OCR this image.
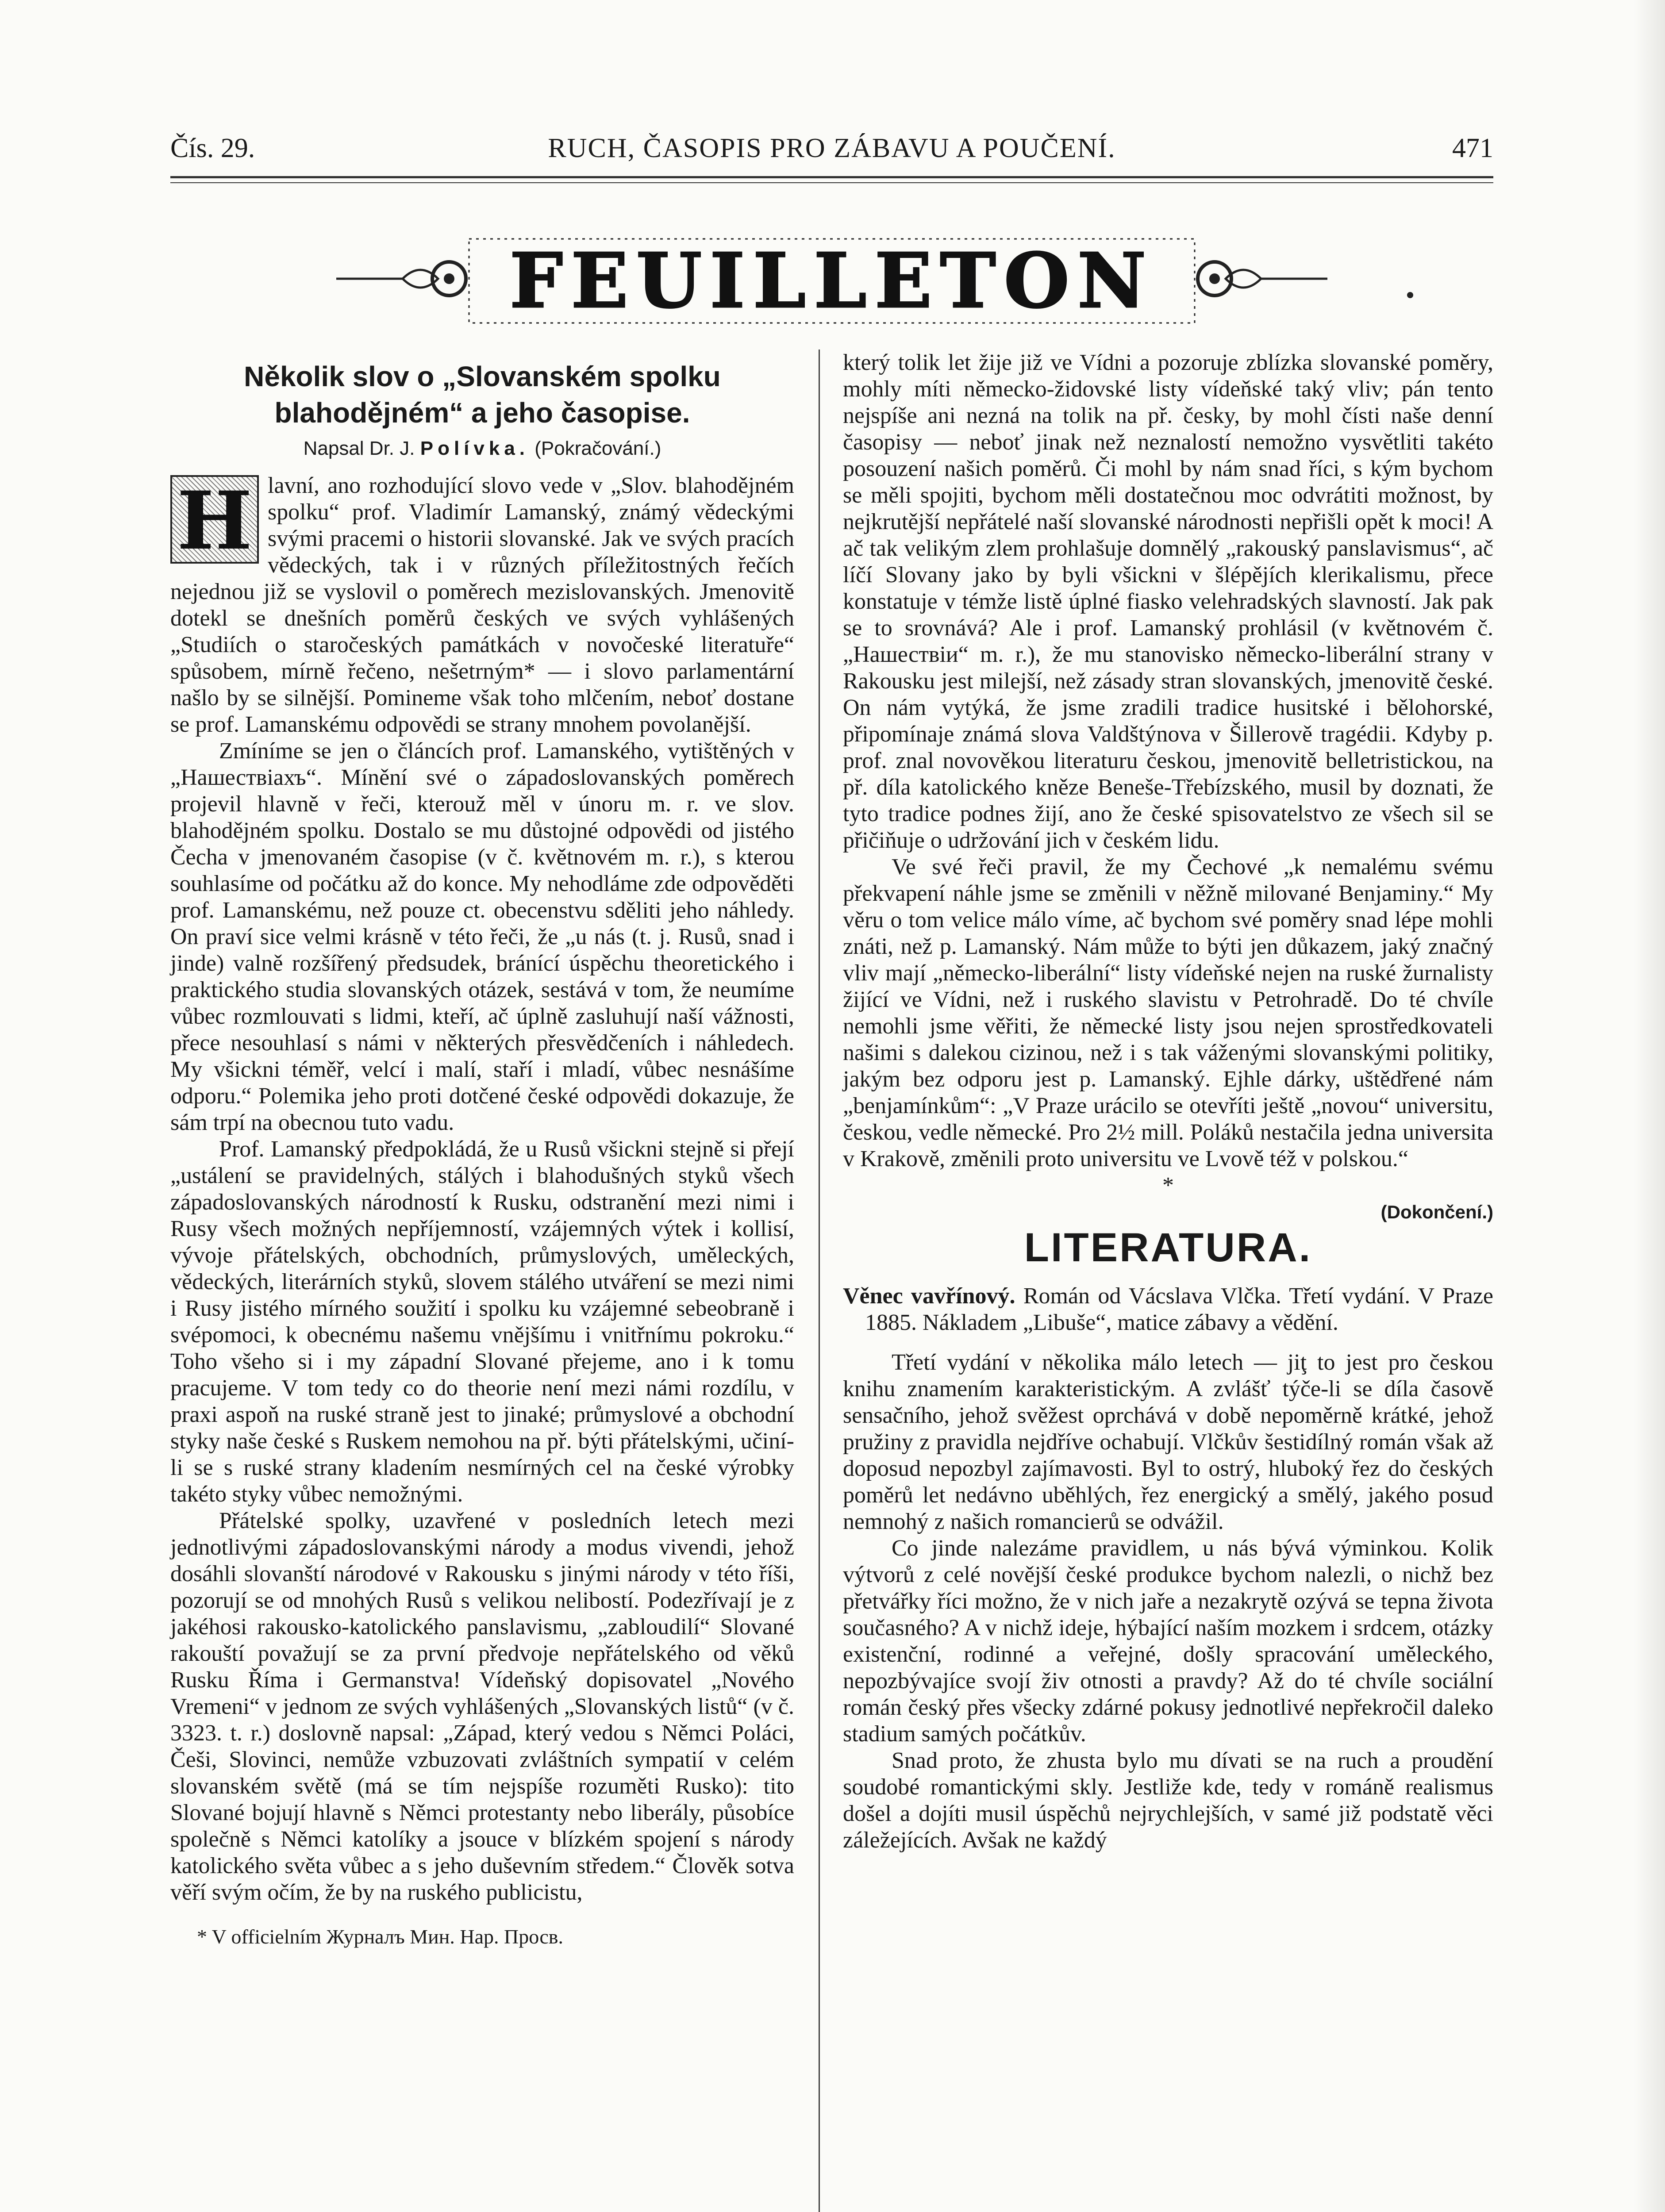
Čís. 29.	RUCH, ČASOPIS PRO ZÁBAVU A POUČENÍ.	471
FEUILLETON
Několik slov o „Slovanském spolku blahodějném“ a jeho časopise.
Napsal Dr. J. Polívka. (Pokračování.)

H lavní, ano rozhodující slovo vede v „Slov. blahodějném spolku“ prof. Vladimír Lamanský, známý vědeckými svými pracemi o historii slovanské. Jak ve svých pracích vědeckých, tak i v různých příležitostných řečích nejednou již se vyslovil o poměrech mezislovanských. Jmenovitě dotekl se dnešních poměrů českých ve svých vyhlášených „Studiích o staročeských památkách v novočeské literatuře“ spůsobem, mírně řečeno, nešetrným* — i slovo parlamentární našlo by se silnější. Pomineme však toho mlčením, neboť dostane se prof. Lamanskému odpovědi se strany mnohem povolanější.

Zmíníme se jen o článcích prof. Lamanského, vytištěných v „Нашествіахъ“. Mínění své o západoslovanských poměrech projevil hlavně v řeči, kterouž měl v únoru m. r. ve slov. blahodějném spolku. Dostalo se mu důstojné odpovědi od jistého Čecha v jmenovaném časopise (v č. květnovém m. r.), s kterou souhlasíme od počátku až do konce. My nehodláme zde odpověděti prof. Lamanskému, než pouze ct. obecenstvu sděliti jeho náhledy. On praví sice velmi krásně v této řeči, že „u nás (t. j. Rusů, snad i jinde) valně rozšířený předsudek, bránící úspěchu theoretického i praktického studia slovanských otázek, sestává v tom, že neumíme vůbec rozmlouvati s lidmi, kteří, ač úplně zasluhují naší vážnosti, přece nesouhlasí s námi v některých přesvědčeních i náhledech. My všickni téměř, velcí i malí, staří i mladí, vůbec nesnášíme odporu.“ Polemika jeho proti dotčené české odpovědi dokazuje, že sám trpí na obecnou tuto vadu.

Prof. Lamanský předpokládá, že u Rusů všickni stejně si přejí „ustálení se pravidelných, stálých i blahodušných styků všech západoslovanských národností k Rusku, odstranění mezi nimi i Rusy všech možných nepříjemností, vzájemných výtek i kollisí, vývoje přátelských, obchodních, průmyslových, uměleckých, vědeckých, literárních styků, slovem stálého utváření se mezi nimi i Rusy jistého mírného soužití i spolku ku vzájemné sebeobraně i svépomoci, k obecnému našemu vnějšímu i vnitřnímu pokroku.“ Toho všeho si i my západní Slované přejeme, ano i k tomu pracujeme. V tom tedy co do theorie není mezi námi rozdílu, v praxi aspoň na ruské straně jest to jinaké; průmyslové a obchodní styky naše české s Ruskem nemohou na př. býti přátelskými, učiní-li se s ruské strany kladením nesmírných cel na české výrobky takéto styky vůbec nemožnými.

Přátelské spolky, uzavřené v posledních letech mezi jednotlivými západoslovanskými národy a modus vivendi, jehož dosáhli slovanští národové v Rakousku s jinými národy v této říši, pozorují se od mnohých Rusů s velikou nelibostí. Podezřívají je z jakéhosi rakousko-katolického panslavismu, „zabloudilí“ Slované rakouští považují se za první předvoje nepřátelského od věků Rusku Říma i Germanstva! Vídeňský dopisovatel „Nového Vremeni“ v jednom ze svých vyhlášených „Slovanských listů“ (v č. 3323. t. r.) doslovně napsal: „Západ, který vedou s Němci Poláci, Češi, Slovinci, nemůže vzbuzovati zvláštních sympatií v celém slovanském světě (má se tím nejspíše rozuměti Rusko): tito Slované bojují hlavně s Němci protestanty nebo liberály, působíce společně s Němci katolíky a jsouce v blízkém spojení s národy katolického světa vůbec a s jeho duševním středem.“ Člověk sotva věří svým očím, že by na ruského publicistu,

* V officielním Журналъ Мин. Нар. Просв.

který tolik let žije již ve Vídni a pozoruje zblízka slovanské poměry, mohly míti německo-židovské listy vídeňské taký vliv; pán tento nejspíše ani nezná na tolik na př. česky, by mohl čísti naše denní časopisy — neboť jinak než neznalostí nemožno vysvětliti takéto posouzení našich poměrů. Či mohl by nám snad říci, s kým bychom se měli spojiti, bychom měli dostatečnou moc odvrátiti možnost, by nejkrutější nepřátelé naší slovanské národnosti nepřišli opět k moci! A ač tak velikým zlem prohlašuje domnělý „rakouský panslavismus“, ač líčí Slovany jako by byli všickni v šlépějích klerikalismu, přece konstatuje v témže listě úplné fiasko velehradských slavností. Jak pak se to srovnává? Ale i prof. Lamanský prohlásil (v květnovém č. „Нашествіи“ m. r.), že mu stanovisko německo-liberální strany v Rakousku jest milejší, než zásady stran slovanských, jmenovitě české. On nám vytýká, že jsme zradili tradice husitské i bělohorské, připomínaje známá slova Valdštýnova v Šillerově tragédii. Kdyby p. prof. znal novověkou literaturu českou, jmenovitě belletristickou, na př. díla katolického kněze Beneše-Třebízského, musil by doznati, že tyto tradice podnes žijí, ano že české spisovatelstvo ze všech sil se přičiňuje o udržování jich v českém lidu.

Ve své řeči pravil, že my Čechové „k nemalému svému překvapení náhle jsme se změnili v něžně milované Benjaminy.“ My věru o tom velice málo víme, ač bychom své poměry snad lépe mohli znáti, než p. Lamanský. Nám může to býti jen důkazem, jaký značný vliv mají „německo-liberální“ listy vídeňské nejen na ruské žurnalisty žijící ve Vídni, než i ruského slavistu v Petrohradě. Do té chvíle nemohli jsme věřiti, že německé listy jsou nejen sprostředkovateli našimi s dalekou cizinou, než i s tak váženými slovanskými politiky, jakým bez odporu jest p. Lamanský. Ejhle dárky, uštědřené nám „benjamínkům“: „V Praze urácilo se otevříti ještě „novou“ universitu, českou, vedle německé. Pro 2½ mill. Poláků nestačila jedna universita v Krakově, změnili proto universitu ve Lvově též v polskou.“

*
(Dokončení.)
LITERATURA.

Věnec vavřínový. Román od Vácslava Vlčka. Třetí vydání. V Praze 1885. Nákladem „Libuše“, matice zábavy a vědění.

Třetí vydání v několika málo letech — jiţ to jest pro českou knihu znamením karakteristickým. A zvlášť týče-li se díla časově sensačního, jehož svěžest oprchává v době nepoměrně krátké, jehož pružiny z pravidla nejdříve ochabují. Vlčkův šestidílný román však až doposud nepozbyl zajímavosti. Byl to ostrý, hluboký řez do českých poměrů let nedávno uběhlých, řez energický a smělý, jakého posud nemnohý z našich romancierů se odvážil.

Co jinde nalezáme pravidlem, u nás bývá výminkou. Kolik výtvorů z celé novější české produkce bychom nalezli, o nichž bez přetvářky říci možno, že v nich jaře a nezakrytě ozývá se tepna života současného? A v nichž ideje, hýbající naším mozkem i srdcem, otázky existenční, rodinné a veřejné, došly spracování uměleckého, nepozbývajíce svojí živ otnosti a pravdy? Až do té chvíle sociální román český přes všecky zdárné pokusy jednotlivé nepřekročil daleko stadium samých počátkův.

Snad proto, že zhusta bylo mu dívati se na ruch a proudění soudobé romantickými skly. Jestliže kde, tedy v románě realismus došel a dojíti musil úspěchů nejrychlejších, v samé již podstatě věci záležejících. Avšak ne každý
